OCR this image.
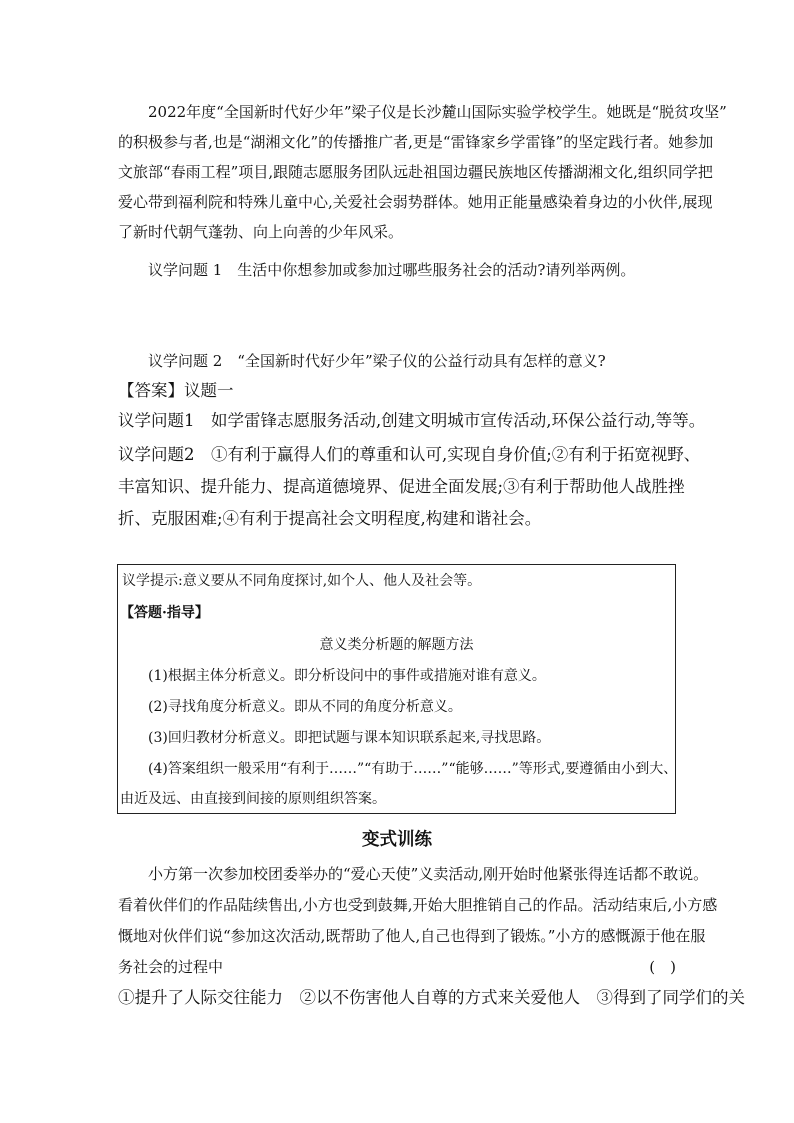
2022年度“全国新时代好少年”梁子仪是长沙麓山国际实验学校学生。她既是“脱贫攻坚”
的积极参与者,也是“湖湘文化”的传播推广者,更是“雷锋家乡学雷锋”的坚定践行者。她参加
文旅部“春雨工程”项目,跟随志愿服务团队远赴祖国边疆民族地区传播湖湘文化,组织同学把
爱心带到福利院和特殊儿童中心,关爱社会弱势群体。她用正能量感染着身边的小伙伴,展现
了新时代朝气蓬勃、向上向善的少年风采。
议学问题 1　生活中你想参加或参加过哪些服务社会的活动?请列举两例。
议学问题 2　“全国新时代好少年”梁子仪的公益行动具有怎样的意义?
【答案】议题一
议学问题1　如学雷锋志愿服务活动,创建文明城市宣传活动,环保公益行动,等等。
议学问题2　①有利于赢得人们的尊重和认可,实现自身价值;②有利于拓宽视野、
丰富知识、提升能力、提高道德境界、促进全面发展;③有利于帮助他人战胜挫
折、克服困难;④有利于提高社会文明程度,构建和谐社会。
议学提示:意义要从不同角度探讨,如个人、他人及社会等。
【答题·指导】
意义类分析题的解题方法
(1)根据主体分析意义。即分析设问中的事件或措施对谁有意义。
(2)寻找角度分析意义。即从不同的角度分析意义。
(3)回归教材分析意义。即把试题与课本知识联系起来,寻找思路。
(4)答案组织一般采用“有利于……”“有助于……”“能够……”等形式,要遵循由小到大、
由近及远、由直接到间接的原则组织答案。
变式训练
小方第一次参加校团委举办的“爱心天使”义卖活动,刚开始时他紧张得连话都不敢说。
看着伙伴们的作品陆续售出,小方也受到鼓舞,开始大胆推销自己的作品。活动结束后,小方感
慨地对伙伴们说“参加这次活动,既帮助了他人,自己也得到了锻炼。”小方的感慨源于他在服
务社会的过程中	(　)
①提升了人际交往能力　②以不伤害他人自尊的方式来关爱他人　③得到了同学们的关
